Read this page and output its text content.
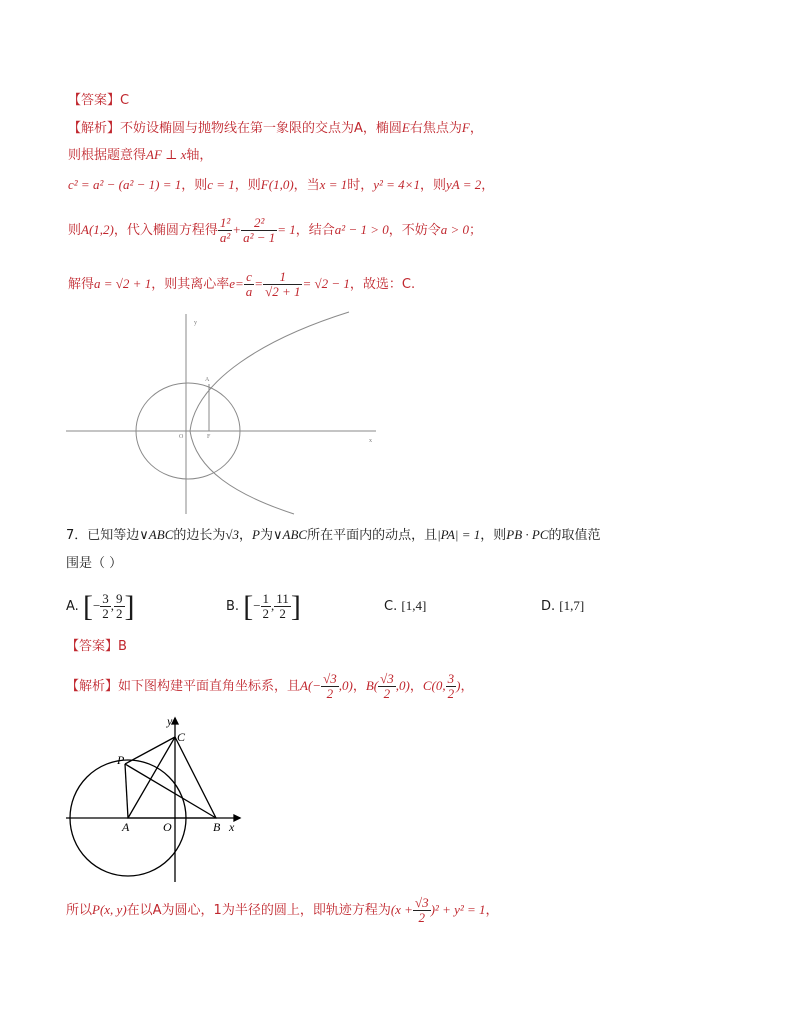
【答案】C
【解析】不妨设椭圆与抛物线在第一象限的交点为A，椭圆E右焦点为F，
则根据题意得AF ⊥ x轴，
c² = a² − (a² − 1) = 1，则c = 1，则F(1,0)，当x = 1时，y² = 4×1，则yA = 2，
则A(1,2)，代入椭圆方程得 $\frac{\text{1²}}{\text{a²}} + \frac{\text{2²}}{\text{a² − 1}} = 1$，结合a² − 1 > 0，不妨令a > 0；
解得a = √2 + 1，则其离心率$e= \frac{c}{a} = \frac{1}{√2 + 1} = √2 - 1$，故选：C.
y
x
A
O	F
7．已知等边∨ABC的边长为√3，P为∨ABC所在平面内的动点，且|PA| = 1，则PB · PC的取值范
围是（ ）
A. [− $\frac{3}{2}$ , $\frac{9}{2}$ ]	B. [− $\frac{1}{2}$ , $\frac{11}{2}$ ]	C. [1,4]	D. [1,7]
【答案】B
【解析】如下图构建平面直角坐标系，且$A(- \frac{√3}{2} ,0)$，$B( \frac{√3}{2} ,0)$，C(0, $\frac{3}{2}$ )，
y
C
P
A	O	B x
所以P(x, y)在以A为圆心，1为半径的圆上，即轨迹方程为$(x + \frac{√3}{2} )^2 + y^2 = 1$，
